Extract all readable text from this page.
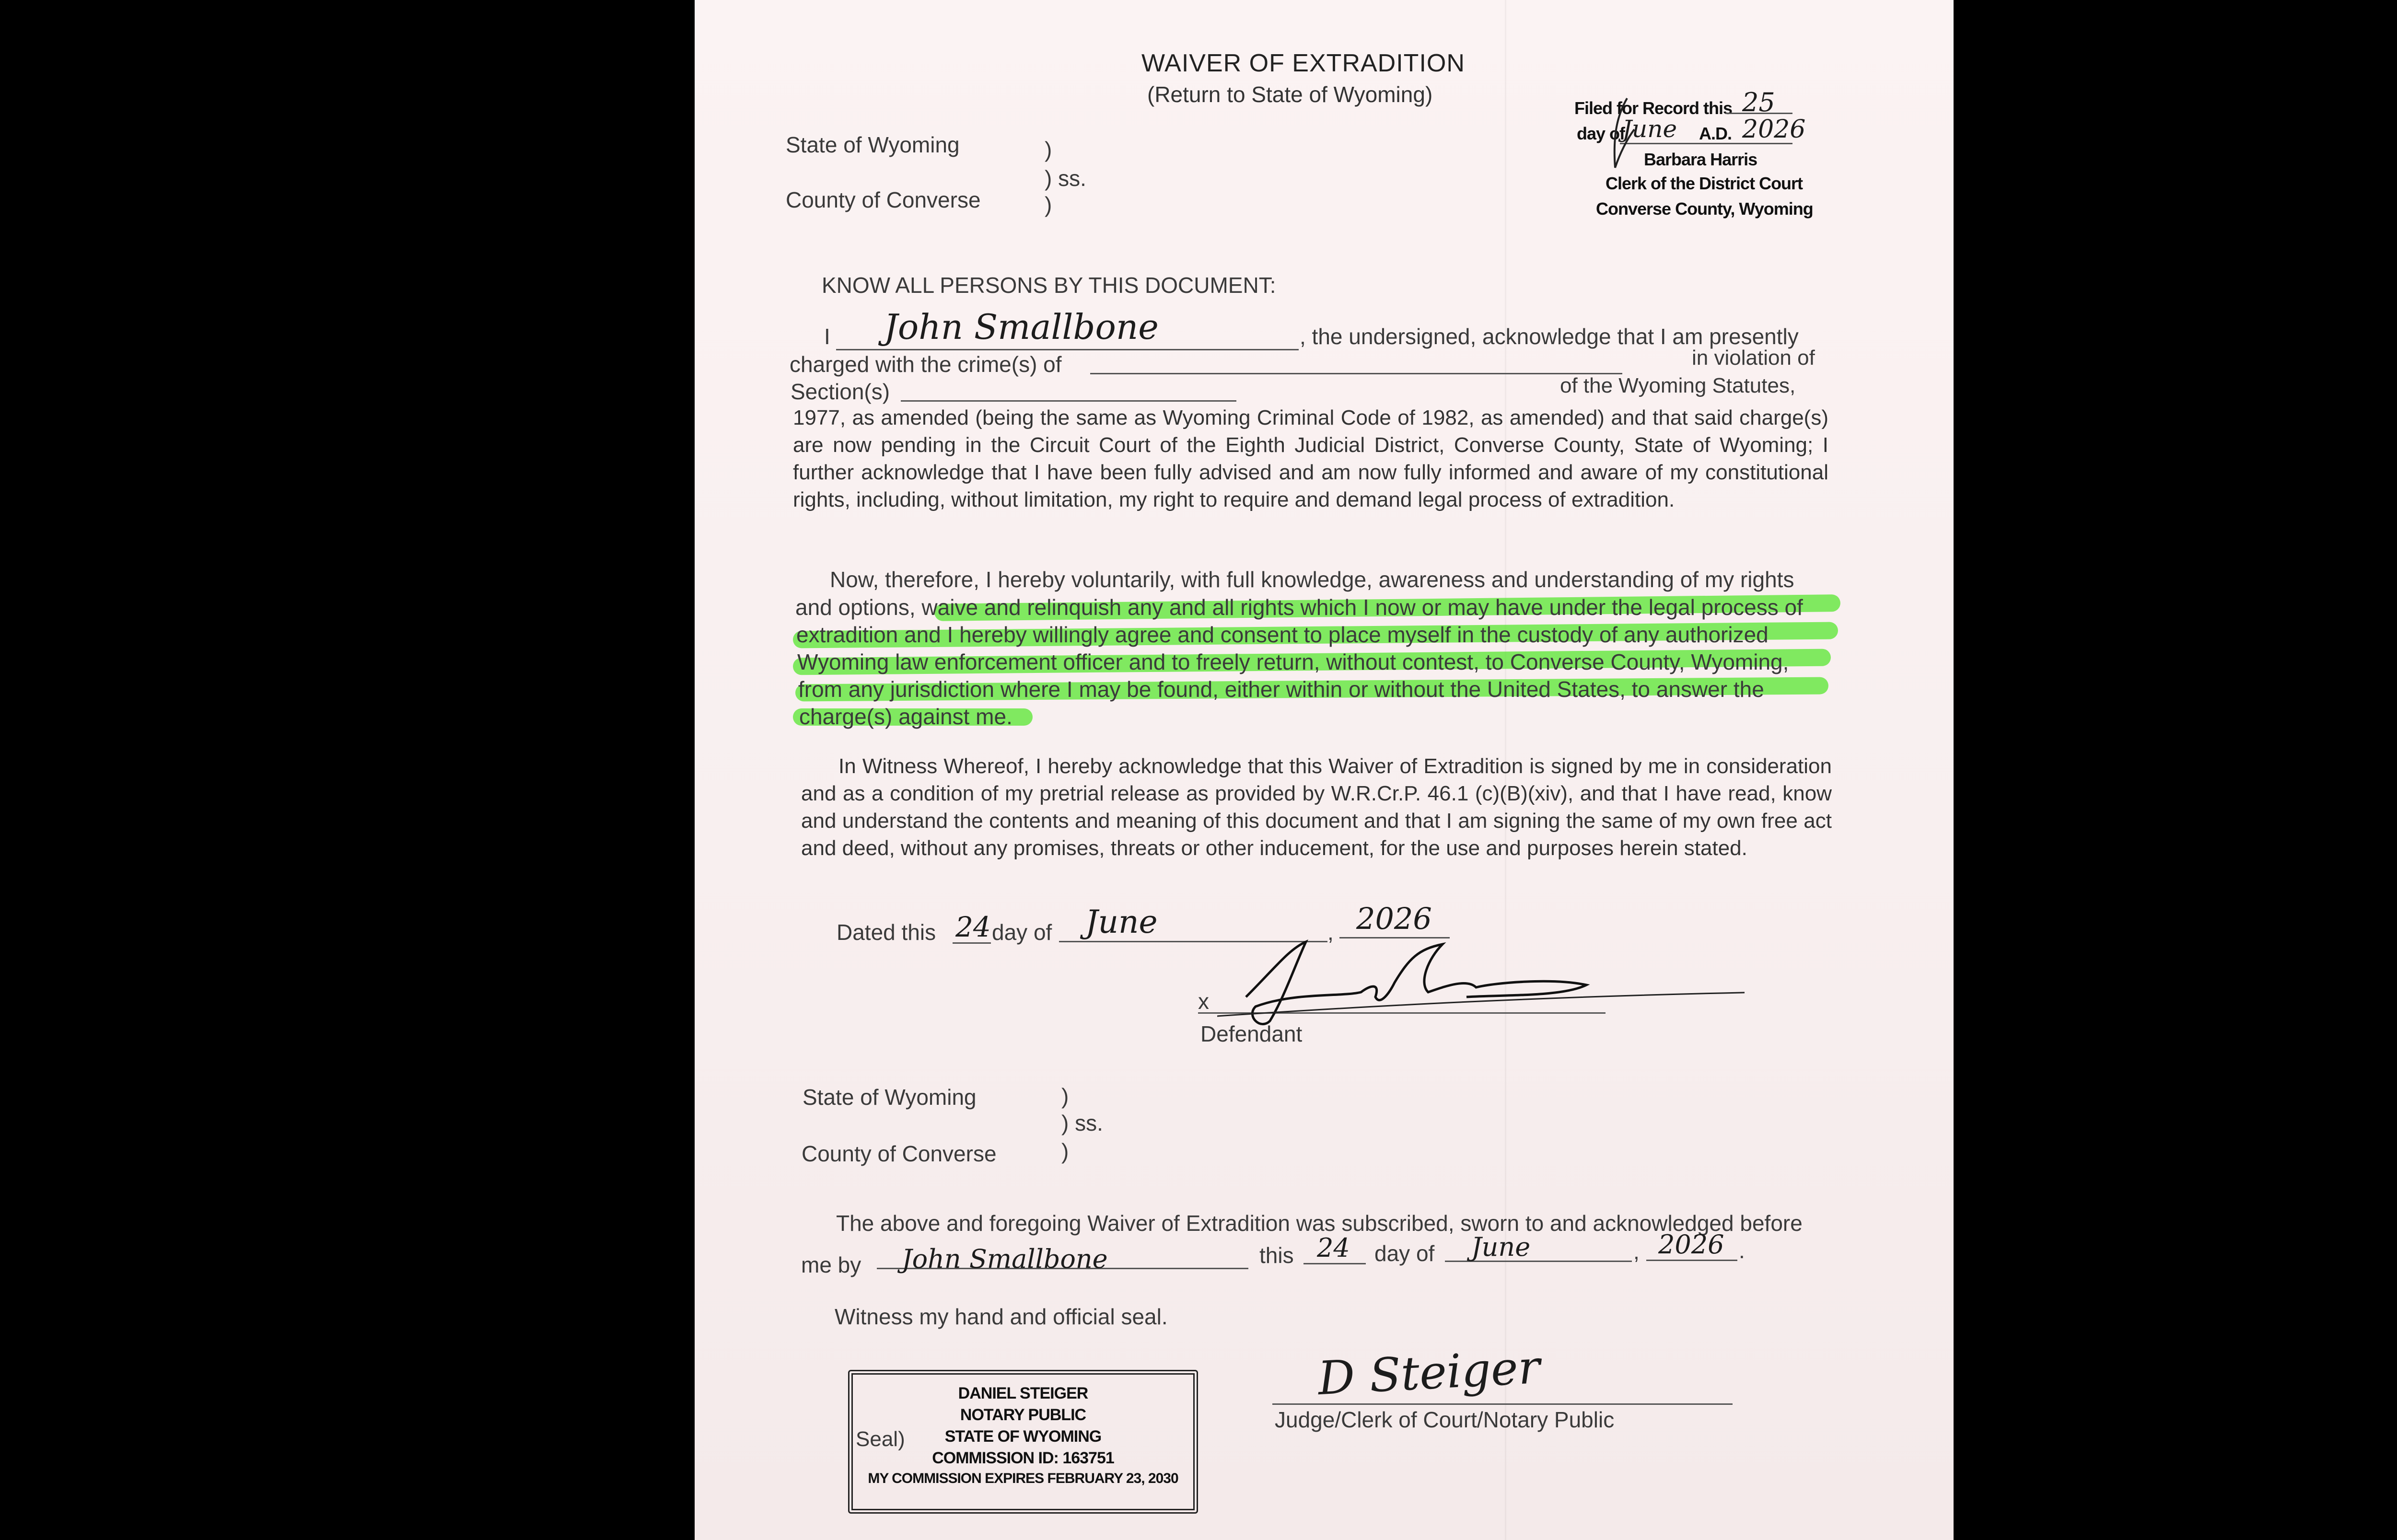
WAIVER OF EXTRADITION
(Return to State of Wyoming)
State of Wyoming	)
) ss.
County of Converse	)
Filed for Record this 25
day of
June A.D. 2026
Barbara Harris
Clerk of the District Court
Converse County, Wyoming
KNOW ALL PERSONS BY THIS DOCUMENT:
I John Smallbone	, the undersigned, acknowledge that I am presently
charged with the crime(s) of	in violation of
Section(s)	of the Wyoming Statutes,
1977, as amended (being the same as Wyoming Criminal Code of 1982, as amended) and that said charge(s) are now pending in the Circuit Court of the Eighth Judicial District, Converse County, State of Wyoming; I further acknowledge that I have been fully advised and am now fully informed and aware of my constitutional rights, including, without limitation, my right to require and demand legal process of extradition.
Now, therefore, I hereby voluntarily, with full knowledge, awareness and understanding of my rights
and options, waive and relinquish any and all rights which I now or may have under the legal process of
extradition and I hereby willingly agree and consent to place myself in the custody of any authorized
Wyoming law enforcement officer and to freely return, without contest, to Converse County, Wyoming,
from any jurisdiction where I may be found, either within or without the United States, to answer the
charge(s) against me.
In Witness Whereof, I hereby acknowledge that this Waiver of Extradition is signed by me in consideration and as a condition of my pretrial release as provided by W.R.Cr.P. 46.1 (c)(B)(xiv), and that I have read, know and understand the contents and meaning of this document and that I am signing the same of my own free act and deed, without any promises, threats or other inducement, for the use and purposes herein stated.
Dated this 24 day of June	, 2026
x
Defendant
State of Wyoming	)
) ss.
County of Converse	)
The above and foregoing Waiver of Extradition was subscribed, sworn to and acknowledged before
me by John Smallbone	this 24 day of June	, 2026 .
Witness my hand and official seal.
Seal)
DANIEL STEIGER
NOTARY PUBLIC
STATE OF WYOMING
COMMISSION ID: 163751
MY COMMISSION EXPIRES FEBRUARY 23, 2030
D Steiger
Judge/Clerk of Court/Notary Public
